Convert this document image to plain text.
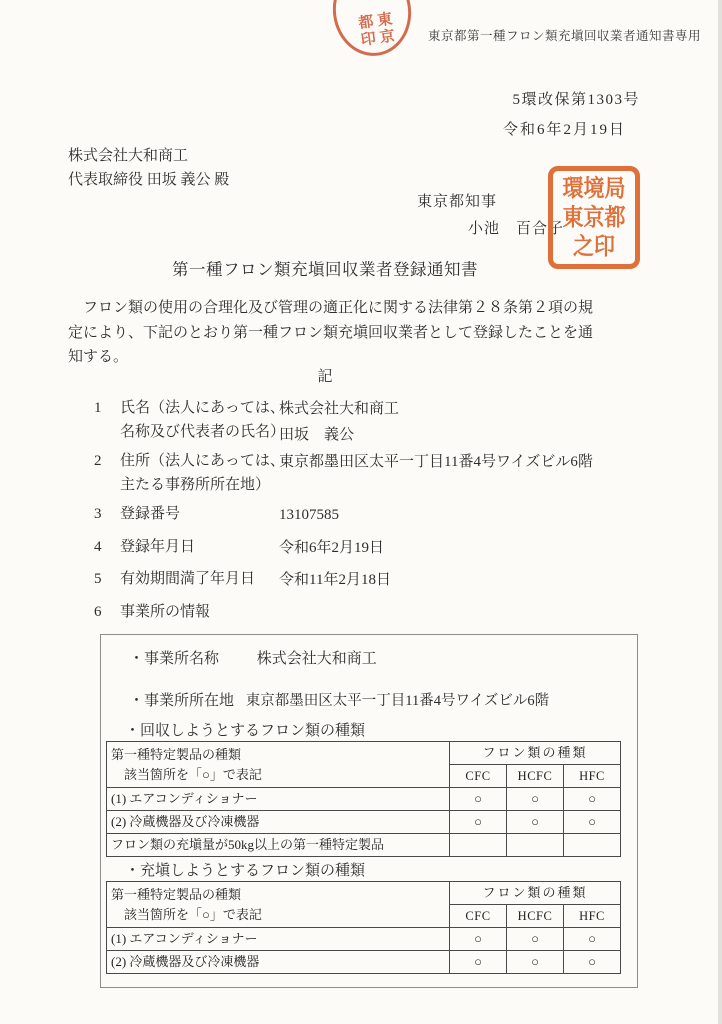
都印
東京	東京都第一種フロン類充塡回収業者通知書専用
5環改保第1303号
令和6年2月19日
株式会社大和商工
代表取締役 田坂 義公 殿
東京都知事
小池　百合子
環境局
東京都
之印
第一種フロン類充塡回収業者登録通知書
　フロン類の使用の合理化及び管理の適正化に関する法律第２８条第２項の規
定により、下記のとおり第一種フロン類充塡回収業者として登録したことを通
知する。
記
1 氏名（法人にあっては、
名称及び代表者の氏名）
株式会社大和商工
田坂　義公
2 住所（法人にあっては、
主たる事務所所在地）
東京都墨田区太平一丁目11番4号ワイズビル6階
3 登録番号	13107585
4 登録年月日	令和6年2月19日
5 有効期間満了年月日	令和11年2月18日
6 事業所の情報
・事業所名称	株式会社大和商工
・事業所所在地 東京都墨田区太平一丁目11番4号ワイズビル6階
・回収しようとするフロン類の種類
第一種特定製品の種類
該当箇所を「○」で表記	フロン類の種類		
	CFC	HCFC	HFC
(1) エアコンディショナー	○	○	○
(2) 冷蔵機器及び冷凍機器	○	○	○
フロン類の充塡量が50kg以上の第一種特定製品			
・充塡しようとするフロン類の種類
第一種特定製品の種類
該当箇所を「○」で表記	フロン類の種類		
	CFC	HCFC	HFC
(1) エアコンディショナー	○	○	○
(2) 冷蔵機器及び冷凍機器	○	○	○
